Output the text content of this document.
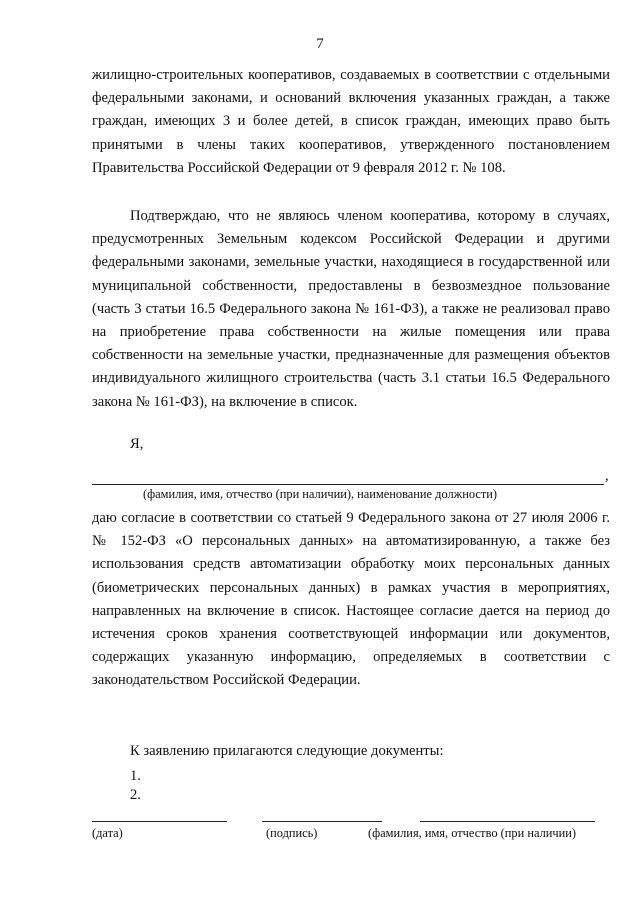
7
жилищно-строительных кооперативов, создаваемых в соответствии с отдельными федеральными законами, и оснований включения указанных граждан, а также граждан, имеющих 3 и более детей, в список граждан, имеющих право быть принятыми в члены таких кооперативов, утвержденного постановлением Правительства Российской Федерации от 9 февраля 2012 г. № 108.
Подтверждаю, что не являюсь членом кооператива, которому в случаях, предусмотренных Земельным кодексом Российской Федерации и другими федеральными законами, земельные участки, находящиеся в государственной или муниципальной собственности, предоставлены в безвозмездное пользование (часть 3 статьи 16.5 Федерального закона № 161-ФЗ), а также не реализовал право на приобретение права собственности на жилые помещения или права собственности на земельные участки, предназначенные для размещения объектов индивидуального жилищного строительства (часть 3.1 статьи 16.5 Федерального закона № 161-ФЗ), на включение в список.
Я,
,
(фамилия, имя, отчество (при наличии), наименование должности)
даю согласие в соответствии со статьей 9 Федерального закона от 27 июля 2006 г. № 152-ФЗ «О персональных данных» на автоматизированную, а также без использования средств автоматизации обработку моих персональных данных (биометрических персональных данных) в рамках участия в мероприятиях, направленных на включение в список. Настоящее согласие дается на период до истечения сроков хранения соответствующей информации или документов, содержащих указанную информацию, определяемых в соответствии с законодательством Российской Федерации.
К заявлению прилагаются следующие документы:
1.
2.
(дата)	(подпись)	(фамилия, имя, отчество (при наличии)
